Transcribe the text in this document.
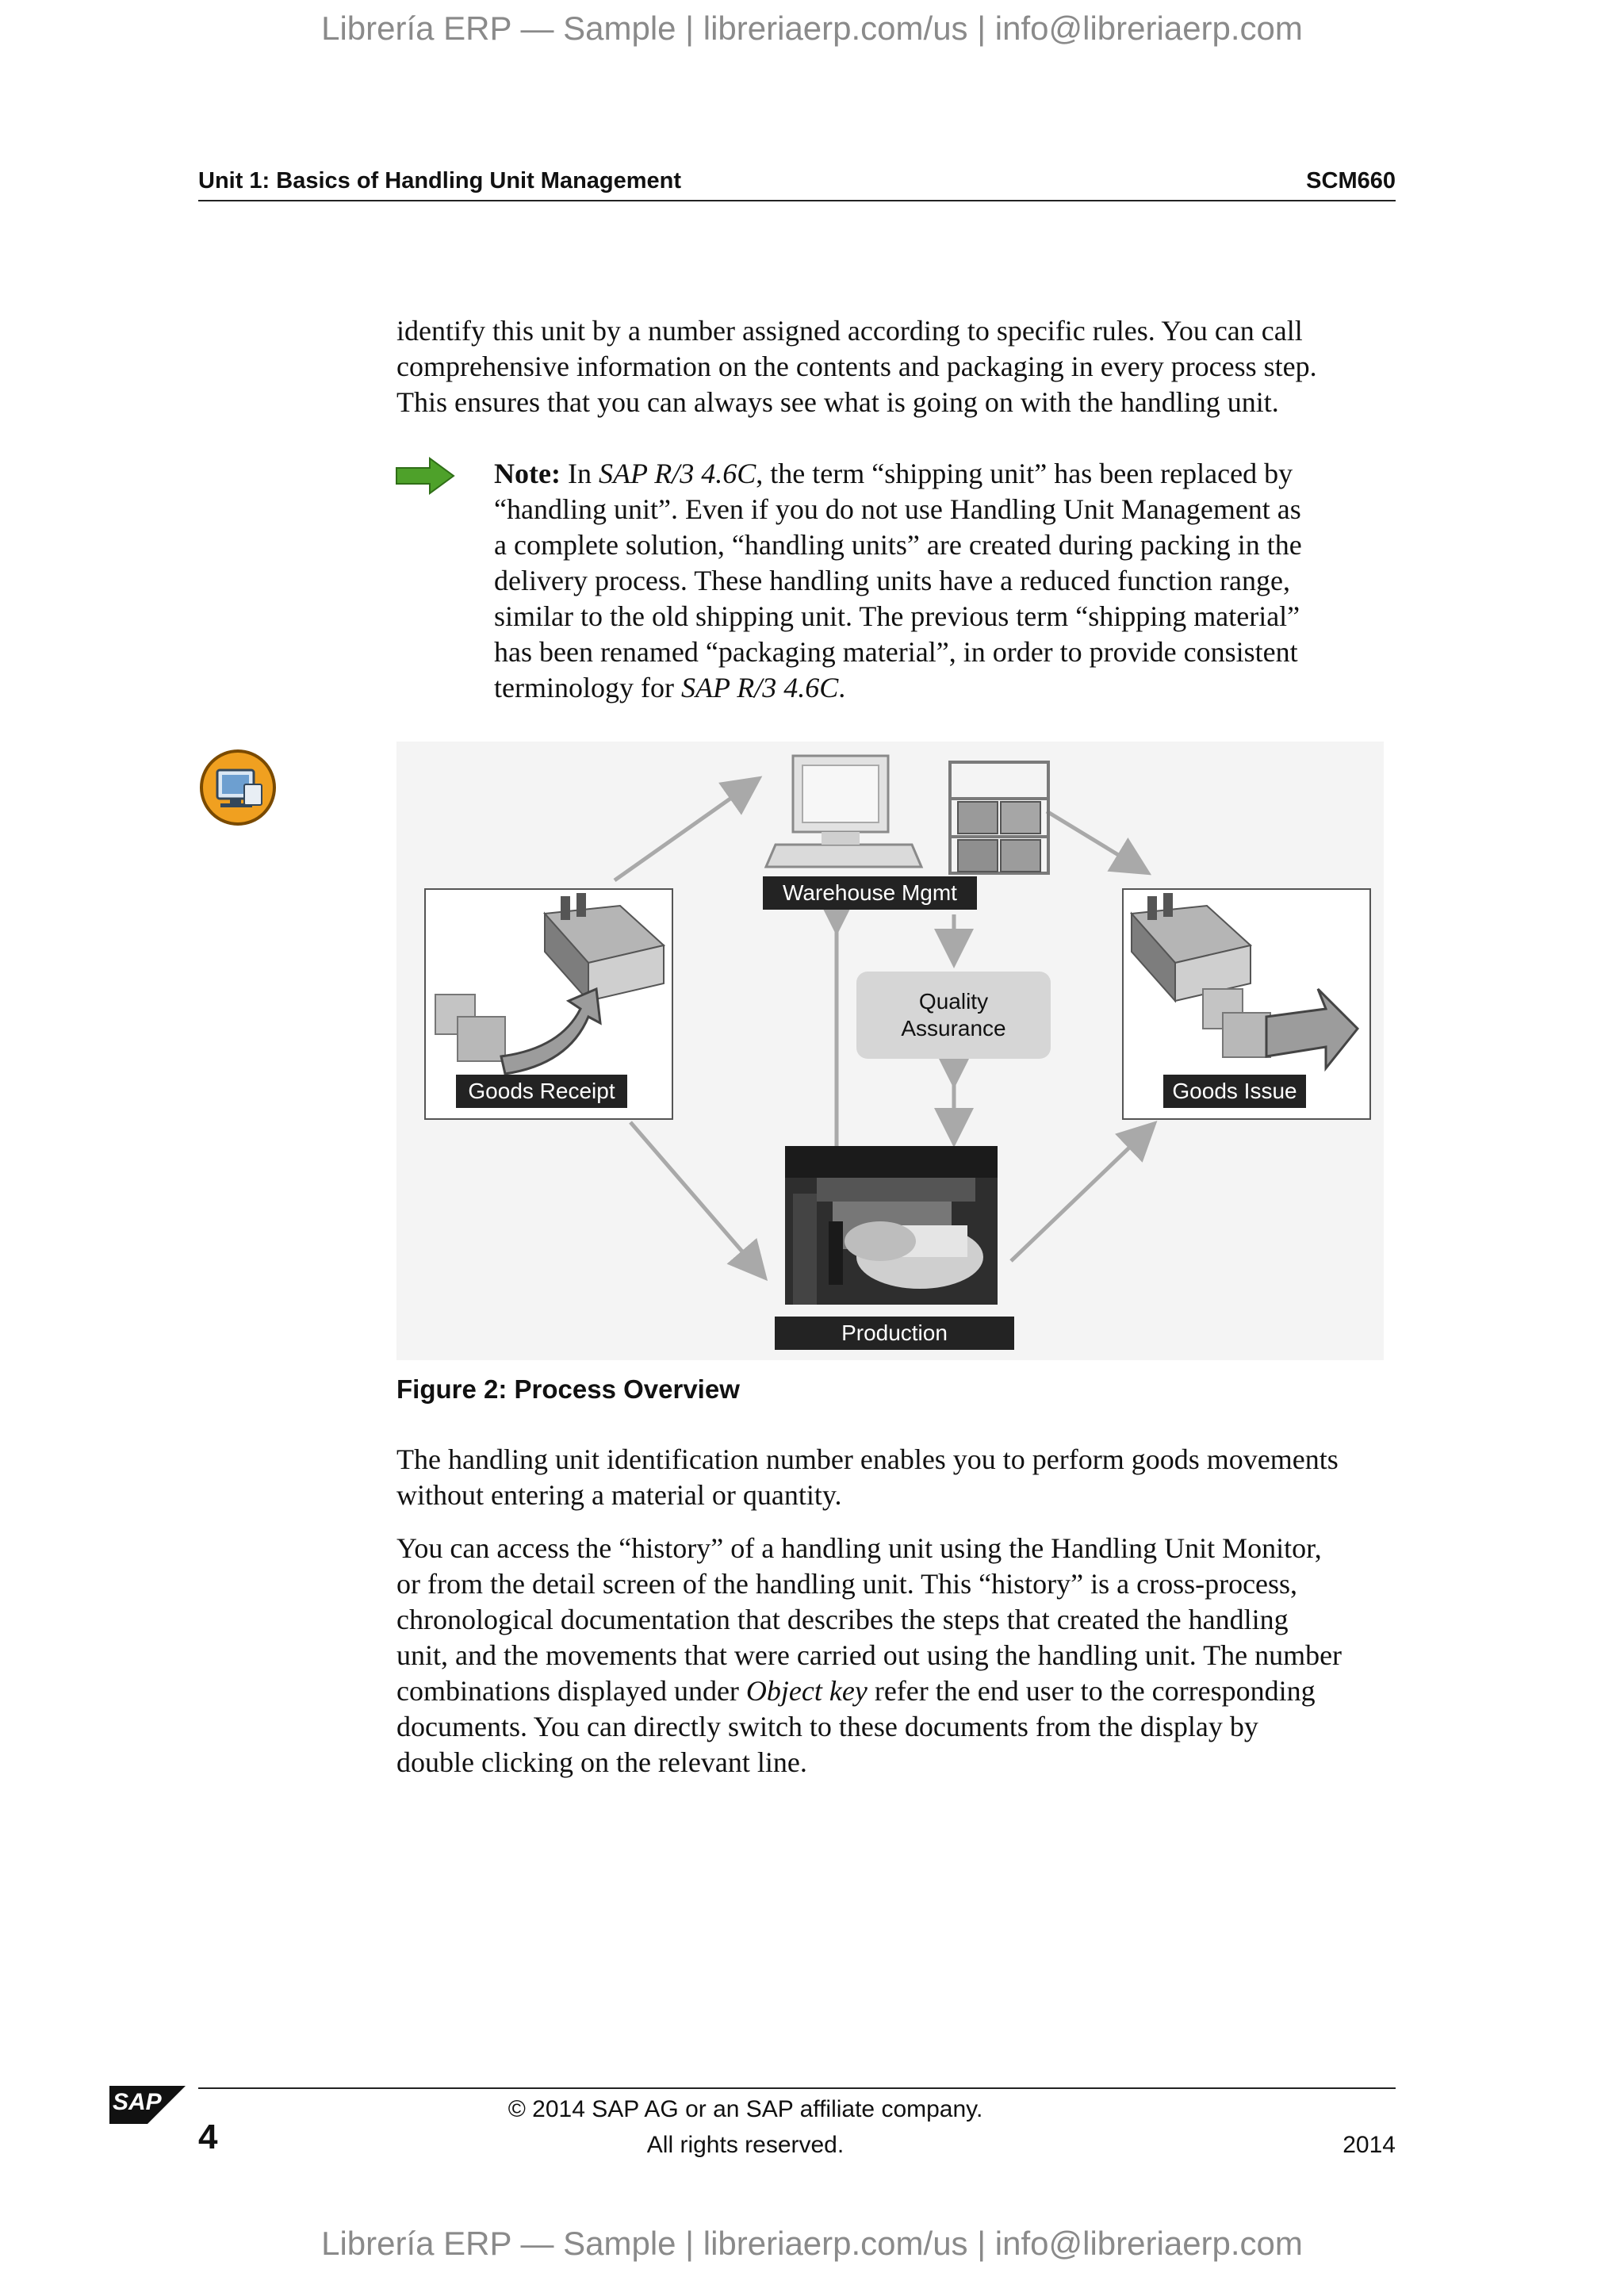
Librería ERP — Sample | libreriaerp.com/us | info@libreriaerp.com
Unit 1: Basics of Handling Unit Management	SCM660
identify this unit by a number assigned according to specific rules. You can call
comprehensive information on the contents and packaging in every process step.
This ensures that you can always see what is going on with the handling unit.
Note: In SAP R/3 4.6C, the term “shipping unit” has been replaced by
“handling unit”. Even if you do not use Handling Unit Management as
a complete solution, “handling units” are created during packing in the
delivery process. These handling units have a reduced function range,
similar to the old shipping unit. The previous term “shipping material”
has been renamed “packaging material”, in order to provide consistent
terminology for SAP R/3 4.6C.
Warehouse Mgmt
Quality
Assurance
Goods Receipt	Goods Issue
Production
Figure 2: Process Overview
The handling unit identification number enables you to perform goods movements
without entering a material or quantity.
You can access the “history” of a handling unit using the Handling Unit Monitor,
or from the detail screen of the handling unit. This “history” is a cross-process,
chronological documentation that describes the steps that created the handling
unit, and the movements that were carried out using the handling unit. The number
combinations displayed under Object key refer the end user to the corresponding
documents. You can directly switch to these documents from the display by
double clicking on the relevant line.
SAP
4
© 2014 SAP AG or an SAP affiliate company.
All rights reserved.	2014
Librería ERP — Sample | libreriaerp.com/us | info@libreriaerp.com
